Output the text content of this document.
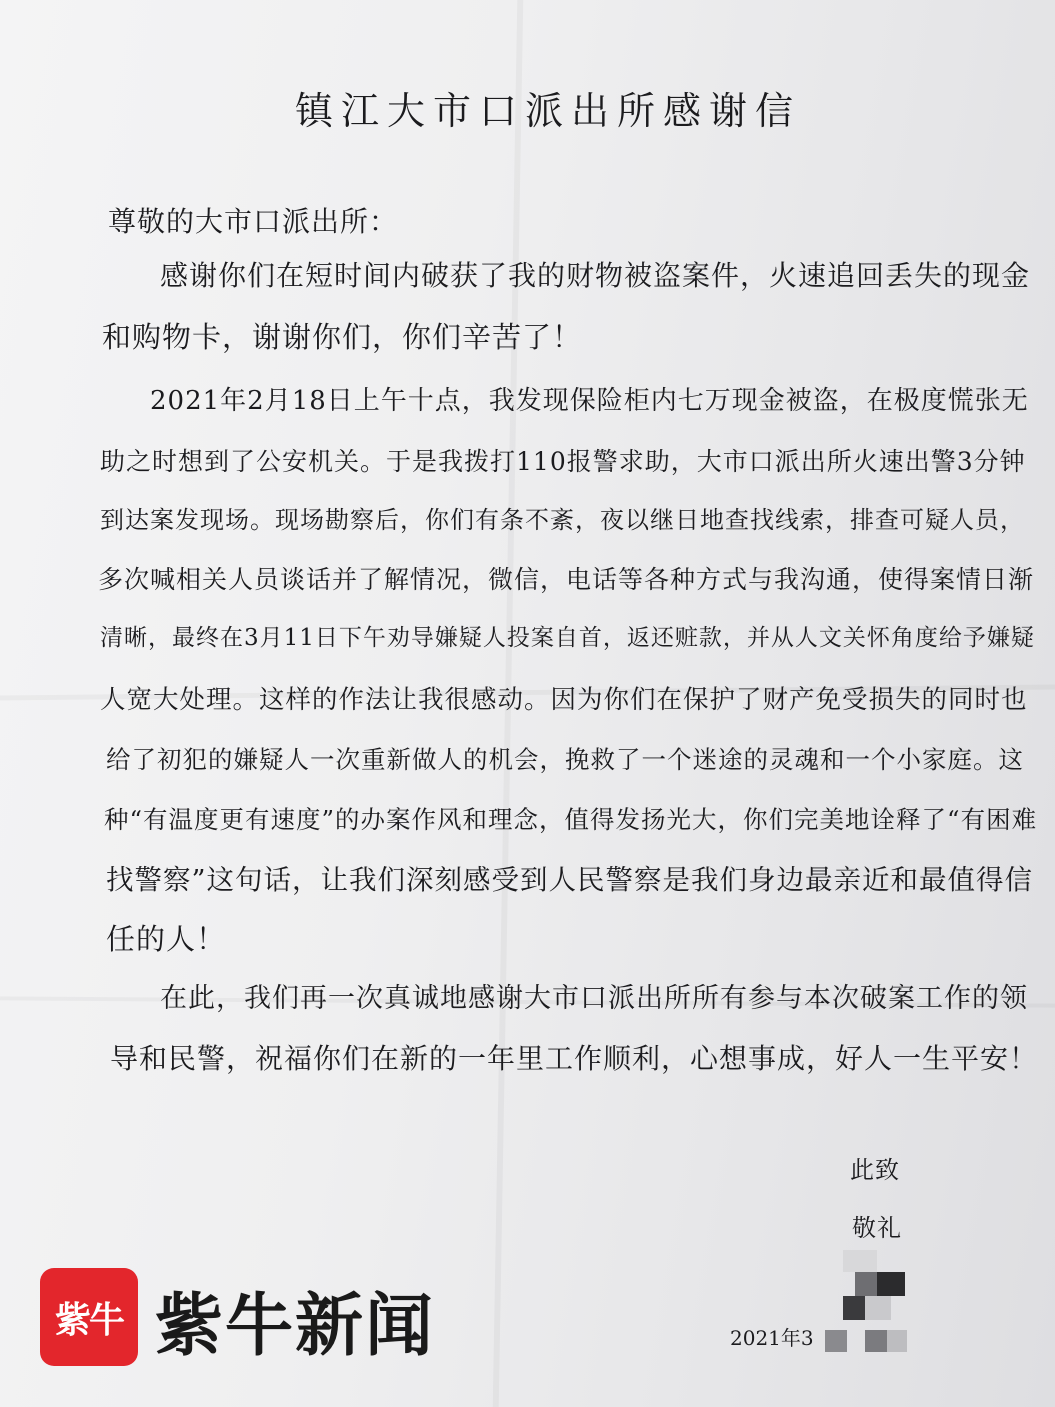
镇江大市口派出所感谢信
尊敬的大市口派出所：
感谢你们在短时间内破获了我的财物被盗案件，火速追回丢失的现金
和购物卡，谢谢你们，你们辛苦了！
2021年2月18日上午十点，我发现保险柜内七万现金被盗，在极度慌张无
助之时想到了公安机关。于是我拨打110报警求助，大市口派出所火速出警3分钟
到达案发现场。现场勘察后，你们有条不紊，夜以继日地查找线索，排查可疑人员，
多次喊相关人员谈话并了解情况，微信，电话等各种方式与我沟通，使得案情日渐
清晰，最终在3月11日下午劝导嫌疑人投案自首，返还赃款，并从人文关怀角度给予嫌疑
人宽大处理。这样的作法让我很感动。因为你们在保护了财产免受损失的同时也
给了初犯的嫌疑人一次重新做人的机会，挽救了一个迷途的灵魂和一个小家庭。这
种“有温度更有速度”的办案作风和理念，值得发扬光大，你们完美地诠释了“有困难
找警察”这句话，让我们深刻感受到人民警察是我们身边最亲近和最值得信
任的人！
在此，我们再一次真诚地感谢大市口派出所所有参与本次破案工作的领
导和民警，祝福你们在新的一年里工作顺利，心想事成，好人一生平安！
此致
敬礼
2021年3
紫牛 紫牛新闻
